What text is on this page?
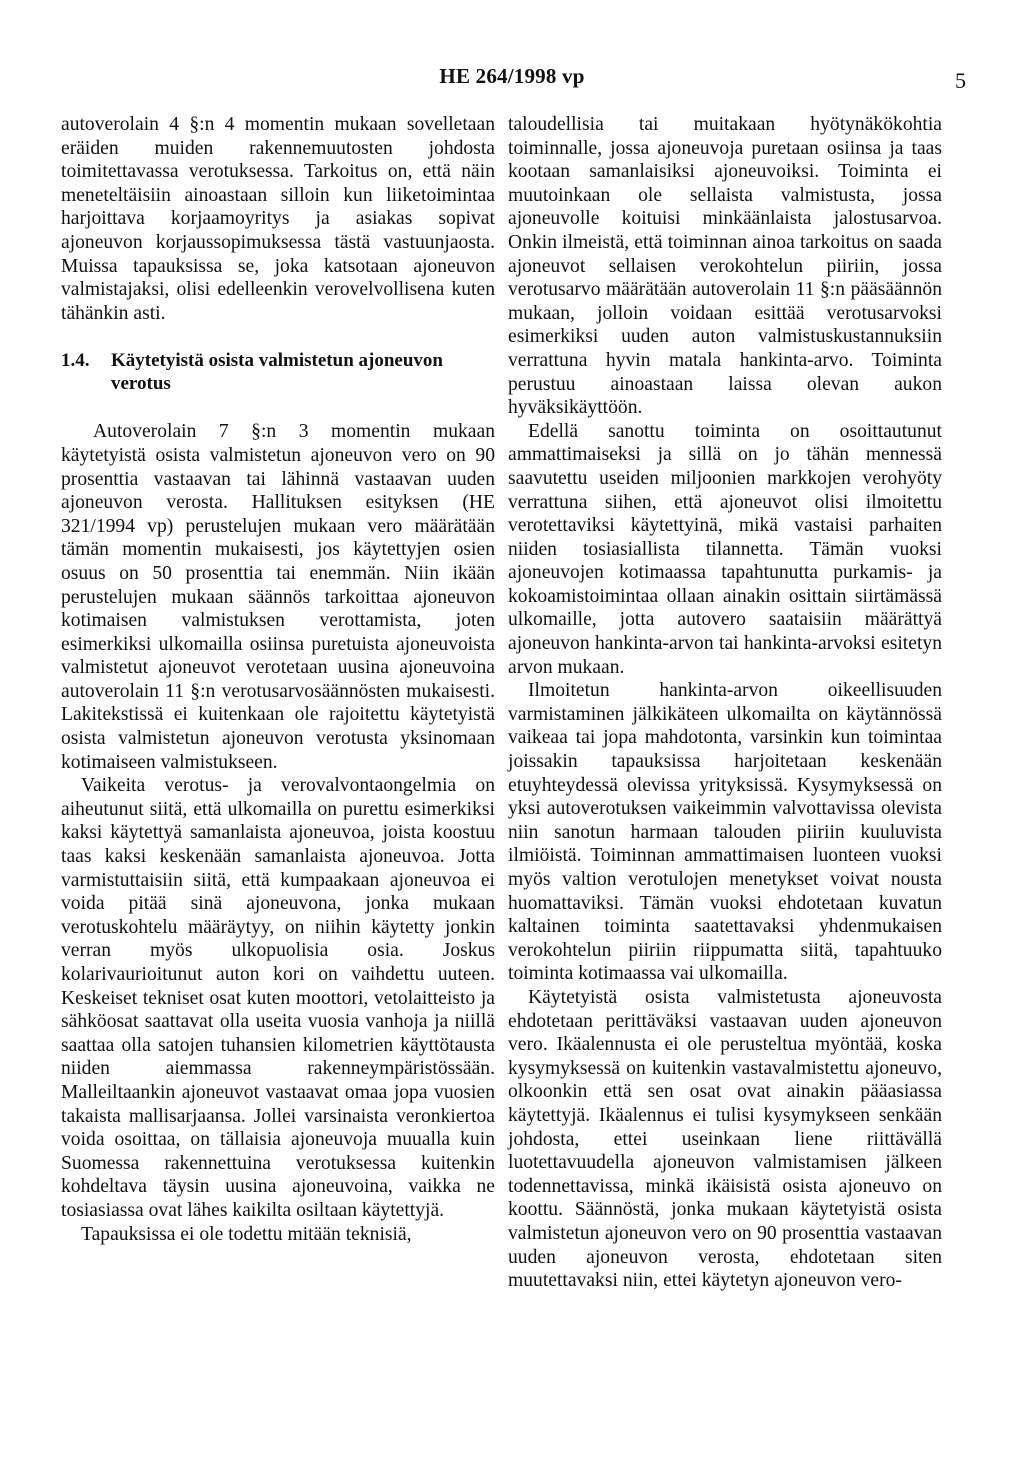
HE 264/1998 vp	5

autoverolain 4 §:n 4 momentin mukaan sovelletaan eräiden muiden rakennemuutosten johdosta toimitettavassa verotuksessa. Tarkoitus on, että näin meneteltäisiin ainoastaan silloin kun liiketoimintaa harjoittava korjaamoyritys ja asiakas sopivat ajoneuvon korjaussopimuksessa tästä vastuunjaosta. Muissa tapauksissa se, joka katsotaan ajoneuvon valmistajaksi, olisi edelleenkin verovelvollisena kuten tähänkin asti.

1.4.	Käytetyistä osista valmistetun ajoneuvon verotus

Autoverolain 7 §:n 3 momentin mukaan käytetyistä osista valmistetun ajoneuvon vero on 90 prosenttia vastaavan tai lähinnä vastaavan uuden ajoneuvon verosta. Hallituksen esityksen (HE 321/1994 vp) perustelujen mukaan vero määrätään tämän momentin mukaisesti, jos käytettyjen osien osuus on 50 prosenttia tai enemmän. Niin ikään perustelujen mukaan säännös tarkoittaa ajoneuvon kotimaisen valmistuksen verottamista, joten esimerkiksi ulkomailla osiinsa puretuista ajoneuvoista valmistetut ajoneuvot verotetaan uusina ajoneuvoina autoverolain 11 §:n verotusarvosäännösten mukaisesti. Lakitekstissä ei kuitenkaan ole rajoitettu käytetyistä osista valmistetun ajoneuvon verotusta yksinomaan kotimaiseen valmistukseen.

Vaikeita verotus- ja verovalvontaongelmia on aiheutunut siitä, että ulkomailla on purettu esimerkiksi kaksi käytettyä samanlaista ajoneuvoa, joista koostuu taas kaksi keskenään samanlaista ajoneuvoa. Jotta varmistuttaisiin siitä, että kumpaakaan ajoneuvoa ei voida pitää sinä ajoneuvona, jonka mukaan verotuskohtelu määräytyy, on niihin käytetty jonkin verran myös ulkopuolisia osia. Joskus kolarivaurioitunut auton kori on vaihdettu uuteen. Keskeiset tekniset osat kuten moottori, vetolaitteisto ja sähköosat saattavat olla useita vuosia vanhoja ja niillä saattaa olla satojen tuhansien kilometrien käyttötausta niiden aiemmassa rakenneympäristössään. Malleiltaankin ajoneuvot vastaavat omaa jopa vuosien takaista mallisarjaansa. Jollei varsinaista veronkiertoa voida osoittaa, on tällaisia ajoneuvoja muualla kuin Suomessa rakennettuina verotuksessa kuitenkin kohdeltava täysin uusina ajoneuvoina, vaikka ne tosiasiassa ovat lähes kaikilta osiltaan käytettyjä.

Tapauksissa ei ole todettu mitään teknisiä,

taloudellisia tai muitakaan hyötynäkökohtia toiminnalle, jossa ajoneuvoja puretaan osiinsa ja taas kootaan samanlaisiksi ajoneuvoiksi. Toiminta ei muutoinkaan ole sellaista valmistusta, jossa ajoneuvolle koituisi minkäänlaista jalostusarvoa. Onkin ilmeistä, että toiminnan ainoa tarkoitus on saada ajoneuvot sellaisen verokohtelun piiriin, jossa verotusarvo määrätään autoverolain 11 §:n pääsäännön mukaan, jolloin voidaan esittää verotusarvoksi esimerkiksi uuden auton valmistuskustannuksiin verrattuna hyvin matala hankinta-arvo. Toiminta perustuu ainoastaan laissa olevan aukon hyväksikäyttöön.

Edellä sanottu toiminta on osoittautunut ammattimaiseksi ja sillä on jo tähän mennessä saavutettu useiden miljoonien markkojen verohyöty verrattuna siihen, että ajoneuvot olisi ilmoitettu verotettaviksi käytettyinä, mikä vastaisi parhaiten niiden tosiasiallista tilannetta. Tämän vuoksi ajoneuvojen kotimaassa tapahtunutta purkamis- ja kokoamistoimintaa ollaan ainakin osittain siirtämässä ulkomaille, jotta autovero saataisiin määrättyä ajoneuvon hankinta-arvon tai hankinta-arvoksi esitetyn arvon mukaan.

Ilmoitetun hankinta-arvon oikeellisuuden varmistaminen jälkikäteen ulkomailta on käytännössä vaikeaa tai jopa mahdotonta, varsinkin kun toimintaa joissakin tapauksissa harjoitetaan keskenään etuyhteydessä olevissa yrityksissä. Kysymyksessä on yksi autoverotuksen vaikeimmin valvottavissa olevista niin sanotun harmaan talouden piiriin kuuluvista ilmiöistä. Toiminnan ammattimaisen luonteen vuoksi myös valtion verotulojen menetykset voivat nousta huomattaviksi. Tämän vuoksi ehdotetaan kuvatun kaltainen toiminta saatettavaksi yhdenmukaisen verokohtelun piiriin riippumatta siitä, tapahtuuko toiminta kotimaassa vai ulkomailla.

Käytetyistä osista valmistetusta ajoneuvosta ehdotetaan perittäväksi vastaavan uuden ajoneuvon vero. Ikäalennusta ei ole perusteltua myöntää, koska kysymyksessä on kuitenkin vastavalmistettu ajoneuvo, olkoonkin että sen osat ovat ainakin pääasiassa käytettyjä. Ikäalennus ei tulisi kysymykseen senkään johdosta, ettei useinkaan liene riittävällä luotettavuudella ajoneuvon valmistamisen jälkeen todennettavissa, minkä ikäisistä osista ajoneuvo on koottu. Säännöstä, jonka mukaan käytetyistä osista valmistetun ajoneuvon vero on 90 prosenttia vastaavan uuden ajoneuvon verosta, ehdotetaan siten muutettavaksi niin, ettei käytetyn ajoneuvon vero-
